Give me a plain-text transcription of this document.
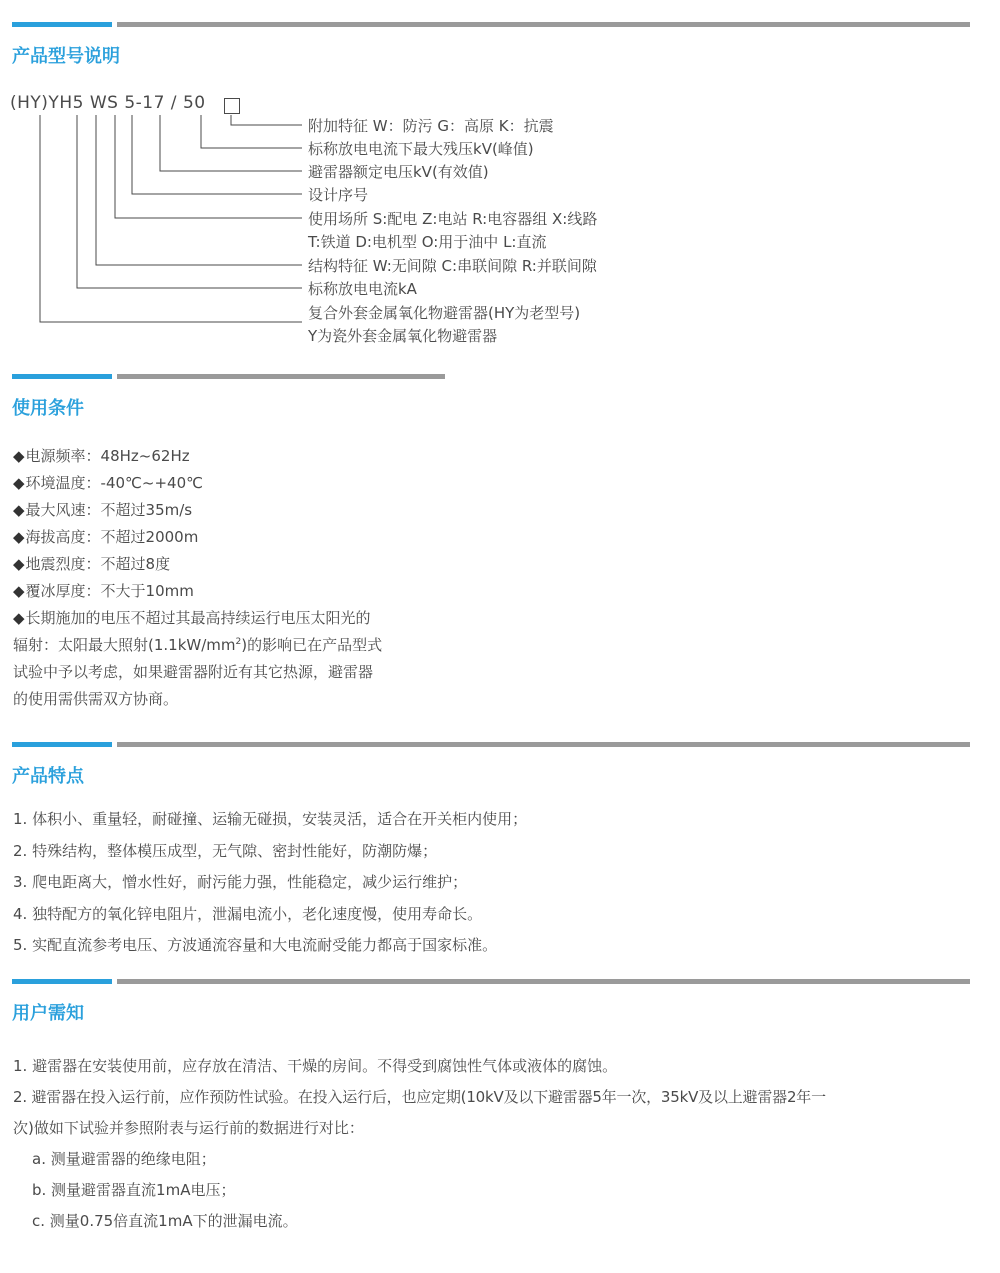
产品型号说明
(HY)YH5 WS 5-17 / 50
附加特征 W：防污 G：高原 K：抗震
标称放电电流下最大残压kV(峰值)
避雷器额定电压kV(有效值)
设计序号
使用场所 S:配电 Z:电站 R:电容器组 X:线路
T:铁道 D:电机型 O:用于油中 L:直流
结构特征 W:无间隙 C:串联间隙 R:并联间隙
标称放电电流kA
复合外套金属氧化物避雷器(HY为老型号)
Y为瓷外套金属氧化物避雷器
使用条件
◆电源频率：48Hz~62Hz
◆环境温度：-40℃~+40℃
◆最大风速：不超过35m/s
◆海拔高度：不超过2000m
◆地震烈度：不超过8度
◆覆冰厚度：不大于10mm
◆长期施加的电压不超过其最高持续运行电压太阳光的
辐射：太阳最大照射$(1.1kW/mm^2)$的影响已在产品型式
试验中予以考虑，如果避雷器附近有其它热源，避雷器
的使用需供需双方协商。
产品特点
1. 体积小、重量轻，耐碰撞、运输无碰损，安装灵活，适合在开关柜内使用；
2. 特殊结构，整体模压成型，无气隙、密封性能好，防潮防爆；
3. 爬电距离大，憎水性好，耐污能力强，性能稳定，减少运行维护；
4. 独特配方的氧化锌电阻片，泄漏电流小，老化速度慢，使用寿命长。
5. 实配直流参考电压、方波通流容量和大电流耐受能力都高于国家标准。
用户需知
1. 避雷器在安装使用前，应存放在清洁、干燥的房间。不得受到腐蚀性气体或液体的腐蚀。
2. 避雷器在投入运行前，应作预防性试验。在投入运行后，也应定期(10kV及以下避雷器5年一次，35kV及以上避雷器2年一
次)做如下试验并参照附表与运行前的数据进行对比：
a. 测量避雷器的绝缘电阻；
b. 测量避雷器直流1mA电压；
c. 测量0.75倍直流1mA下的泄漏电流。
